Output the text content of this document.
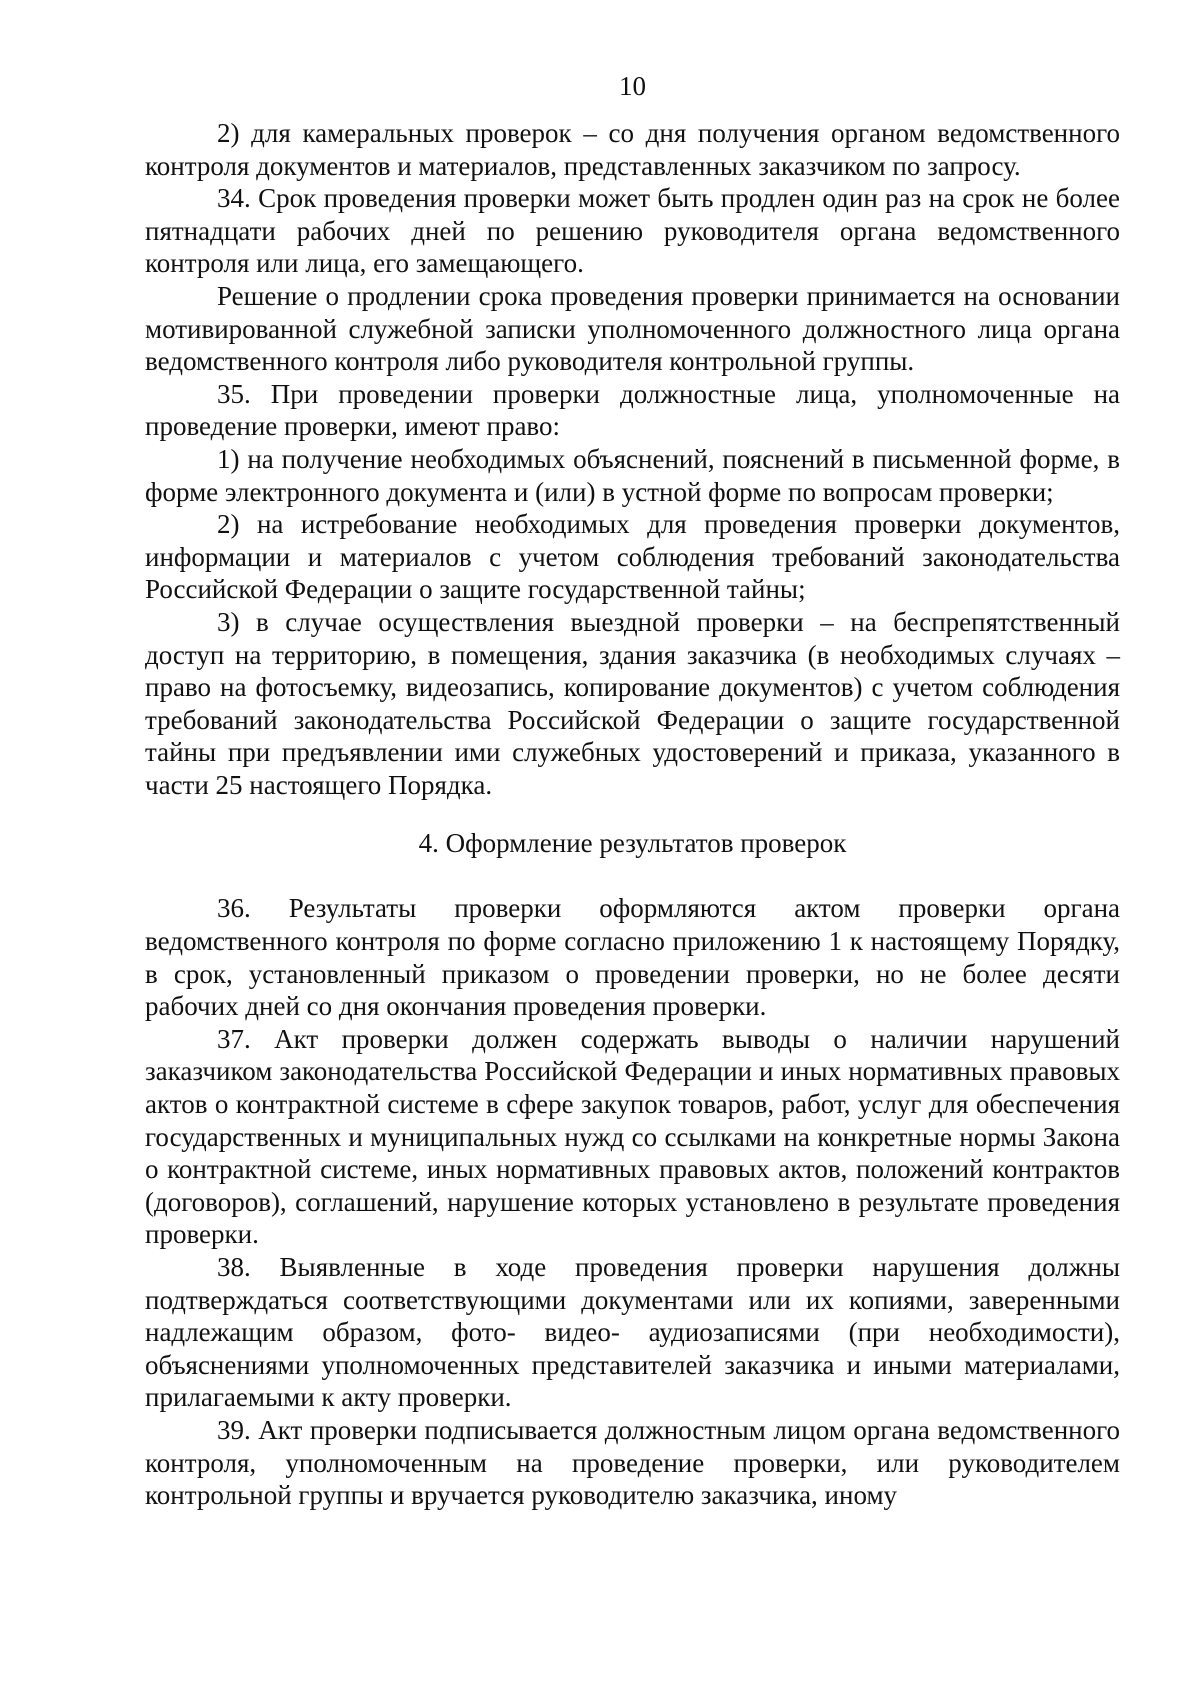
10

2) для камеральных проверок – со дня получения органом ведомственного контроля документов и материалов, представленных заказчиком по запросу.

34. Срок проведения проверки может быть продлен один раз на срок не более пятнадцати рабочих дней по решению руководителя органа ведомственного контроля или лица, его замещающего.

Решение о продлении срока проведения проверки принимается на основании мотивированной служебной записки уполномоченного должностного лица органа ведомственного контроля либо руководителя контрольной группы.

35. При проведении проверки должностные лица, уполномоченные на проведение проверки, имеют право:

1) на получение необходимых объяснений, пояснений в письменной форме, в форме электронного документа и (или) в устной форме по вопросам проверки;

2) на истребование необходимых для проведения проверки документов, информации и материалов с учетом соблюдения требований законодательства Российской Федерации о защите государственной тайны;

3) в случае осуществления выездной проверки – на беспрепятственный доступ на территорию, в помещения, здания заказчика (в необходимых случаях – право на фотосъемку, видеозапись, копирование документов) с учетом соблюдения требований законодательства Российской Федерации о защите государственной тайны при предъявлении ими служебных удостоверений и приказа, указанного в части 25 настоящего Порядка.

4. Оформление результатов проверок

36. Результаты проверки оформляются актом проверки органа ведомственного контроля по форме согласно приложению 1 к настоящему Порядку, в срок, установленный приказом о проведении проверки, но не более десяти рабочих дней со дня окончания проведения проверки.

37. Акт проверки должен содержать выводы о наличии нарушений заказчиком законодательства Российской Федерации и иных нормативных правовых актов о контрактной системе в сфере закупок товаров, работ, услуг для обеспечения государственных и муниципальных нужд со ссылками на конкретные нормы Закона о контрактной системе, иных нормативных правовых актов, положений контрактов (договоров), соглашений, нарушение которых установлено в результате проведения проверки.

38. Выявленные в ходе проведения проверки нарушения должны подтверждаться соответствующими документами или их копиями, заверенными надлежащим образом, фото- видео- аудиозаписями (при необходимости), объяснениями уполномоченных представителей заказчика и иными материалами, прилагаемыми к акту проверки.

39. Акт проверки подписывается должностным лицом органа ведомственного контроля, уполномоченным на проведение проверки, или руководителем контрольной группы и вручается руководителю заказчика, иному
